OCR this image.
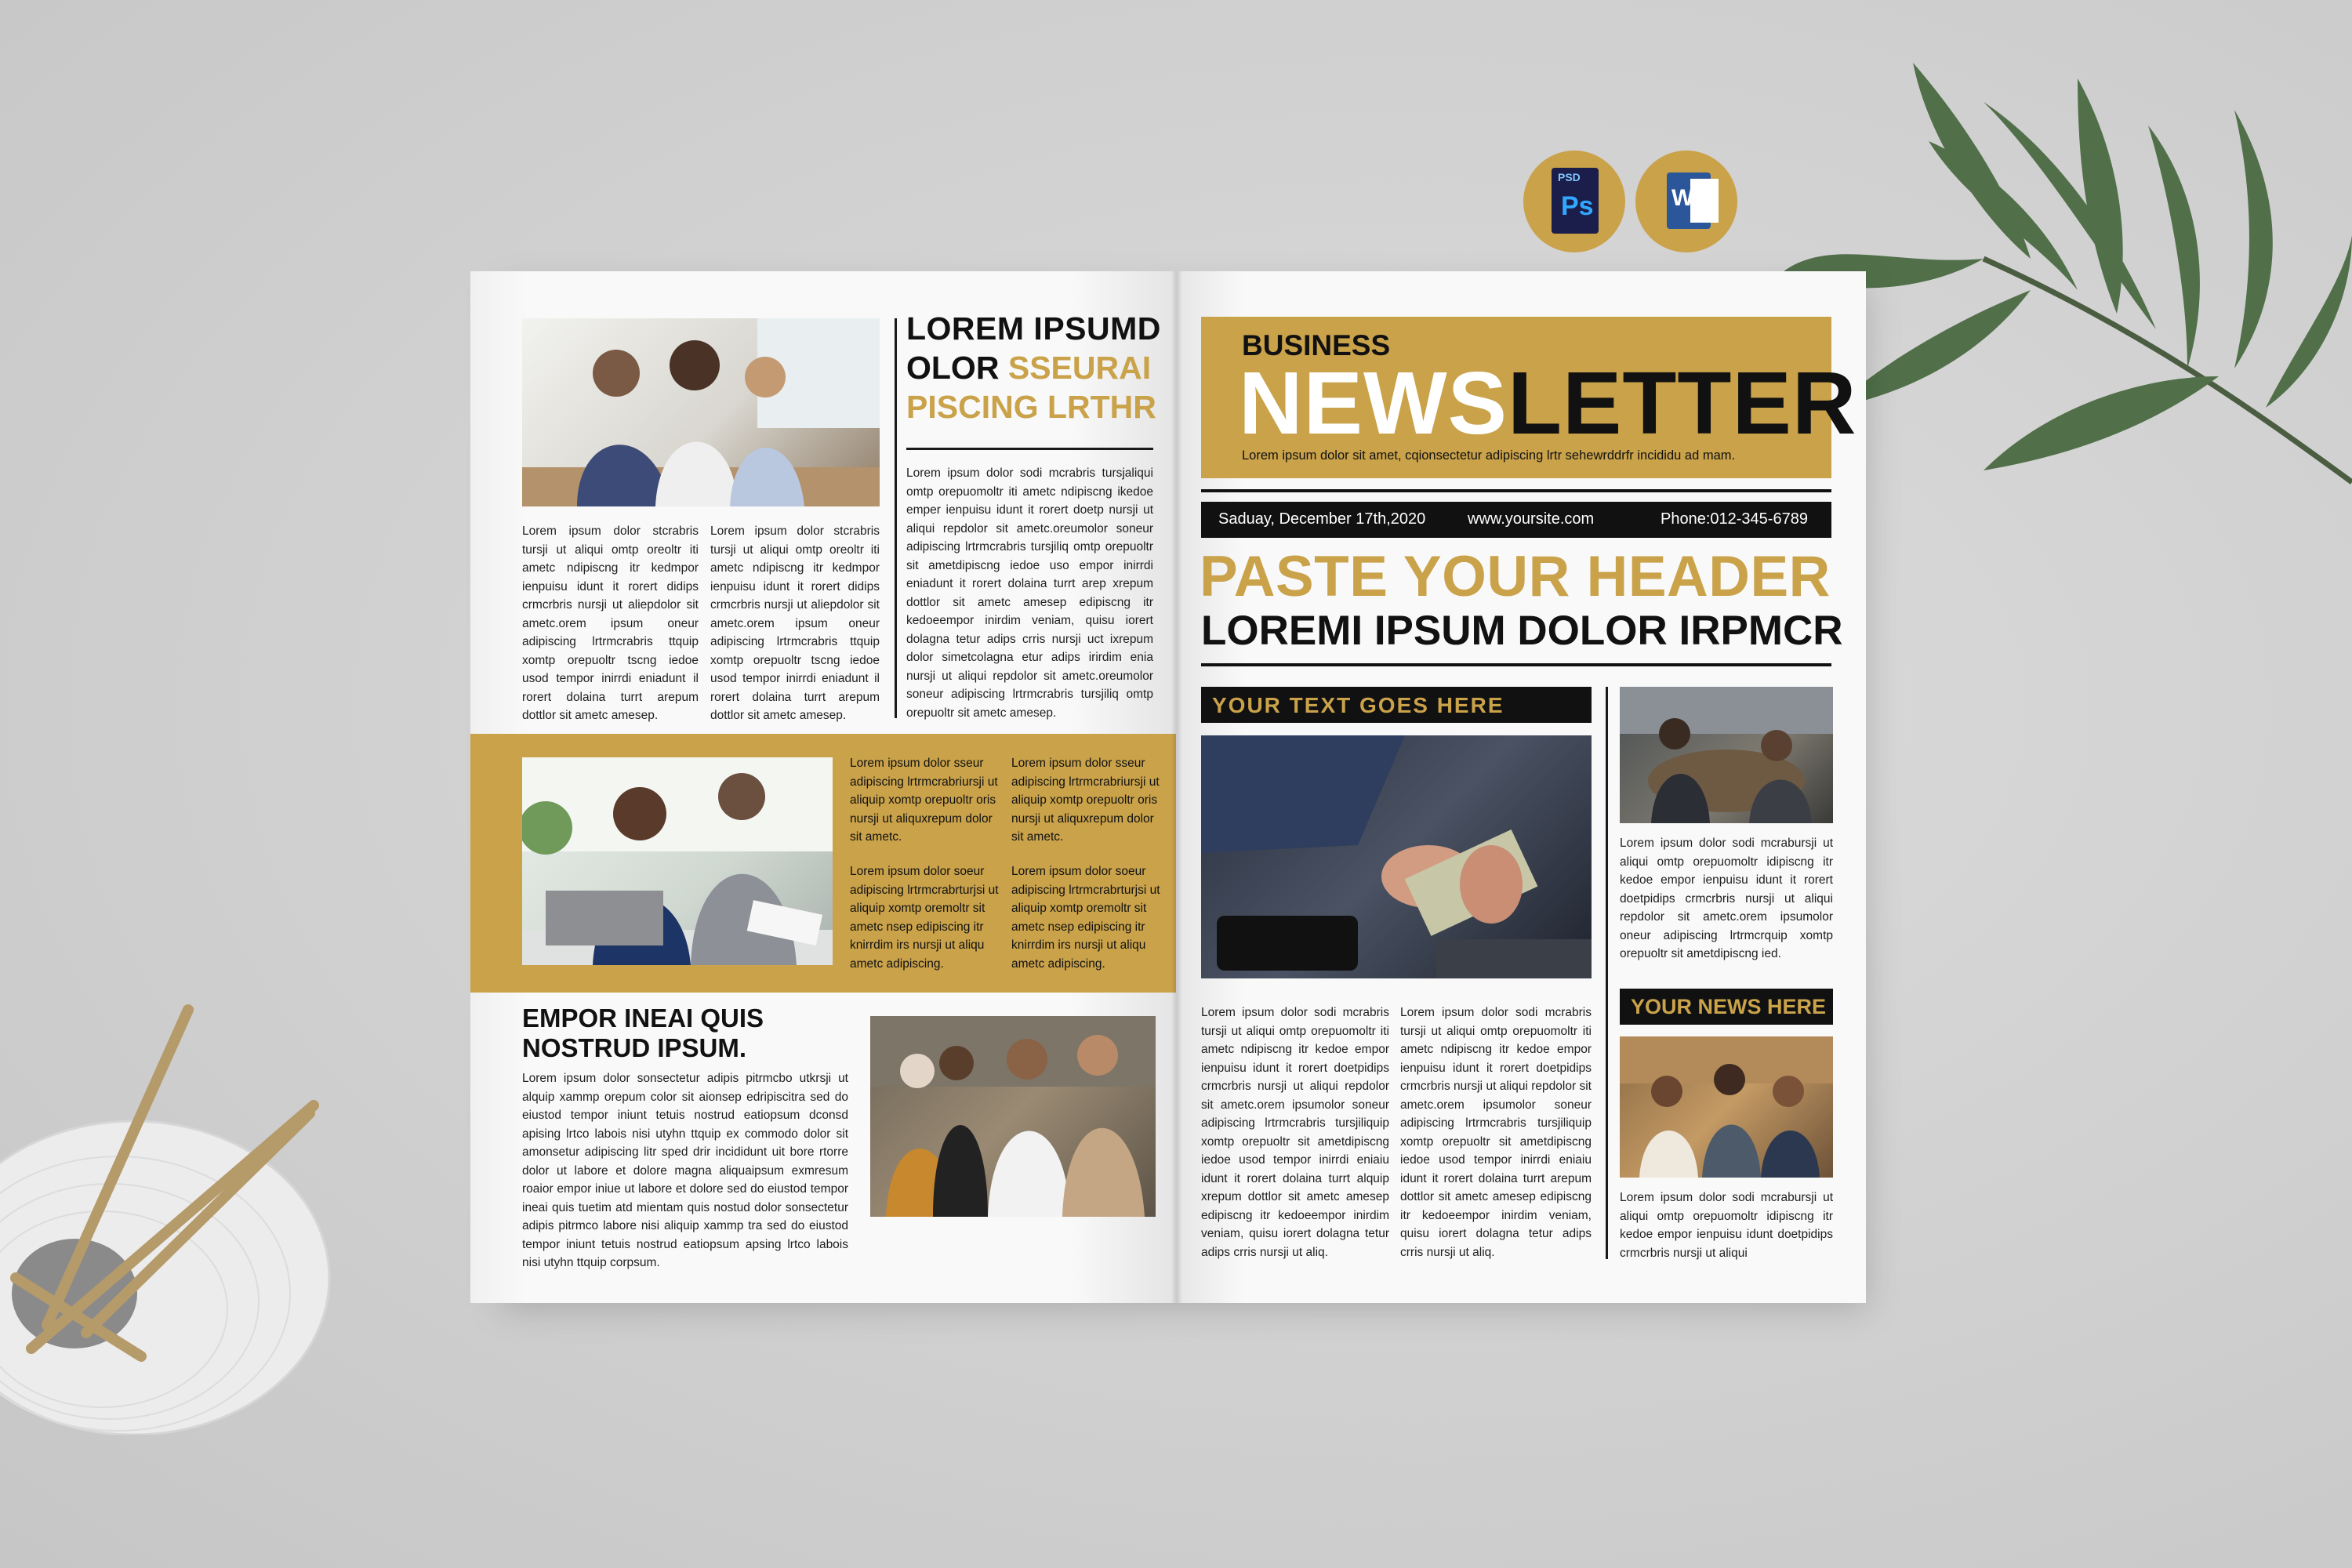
PSD
Ps	W
Lorem ipsum dolor stcrabris tursji ut aliqui omtp oreoltr iti ametc ndipiscng itr kedmpor ienpuisu idunt it rorert didips crmcrbris nursji ut aliepdolor sit ametc.orem ipsum oneur adipiscing lrtrmcrabris ttquip xomtp orepuoltr tscng iedoe usod tempor inirrdi eniadunt il rorert dolaina turrt arepum dottlor sit ametc amesep.
Lorem ipsum dolor stcrabris tursji ut aliqui omtp oreoltr iti ametc ndipiscng itr kedmpor ienpuisu idunt it rorert didips crmcrbris nursji ut aliepdolor sit ametc.orem ipsum oneur adipiscing lrtrmcrabris ttquip xomtp orepuoltr tscng iedoe usod tempor inirrdi eniadunt il rorert dolaina turrt arepum dottlor sit ametc amesep.
LOREM IPSUMD
OLOR SSEURAI
PISCING LRTHR
Lorem ipsum dolor sodi mcrabris tursjaliqui omtp orepuomoltr iti ametc ndipiscng ikedoe emper ienpuisu idunt it rorert doetp nursji ut aliqui repdolor sit ametc.oreumolor soneur adipiscing lrtrmcrabris tursjiliq omtp orepuoltr sit ametdipiscng iedoe uso empor inirrdi eniadunt it rorert dolaina turrt arep xrepum dottlor sit ametc amesep edipiscng itr kedoeempor inirdim veniam, quisu iorert dolagna tetur adips crris nursji uct ixrepum dolor simetcolagna etur adips irirdim enia nursji ut aliqui repdolor sit ametc.oreumolor soneur adipiscing lrtrmcrabris tursjiliq omtp orepuoltr sit ametc amesep.
Lorem ipsum dolor sseur adipiscing lrtrmcrabriursji ut aliquip xomtp orepuoltr oris nursji ut aliquxrepum dolor sit ametc.
Lorem ipsum dolor sseur adipiscing lrtrmcrabriursji ut aliquip xomtp orepuoltr oris nursji ut aliquxrepum dolor sit ametc.
Lorem ipsum dolor soeur adipiscing lrtrmcrabrturjsi ut aliquip xomtp oremoltr sit ametc nsep edipiscing itr knirrdim irs nursji ut aliqu ametc adipiscing.
Lorem ipsum dolor soeur adipiscing lrtrmcrabrturjsi ut aliquip xomtp oremoltr sit ametc nsep edipiscing itr knirrdim irs nursji ut aliqu ametc adipiscing.
EMPOR INEAI QUIS
NOSTRUD IPSUM.
Lorem ipsum dolor sonsectetur adipis pitrmcbo utkrsji ut alquip xammp orepum color sit aionsep edripiscitra sed do eiustod tempor iniunt tetuis nostrud eatiopsum dconsd apising lrtco labois nisi utyhn ttquip ex commodo dolor sit amonsetur adipiscing litr sped drir incididunt uit bore rtorre dolor ut labore et dolore magna aliquaipsum exmresum roaior empor iniue ut labore et dolore sed do eiustod tempor ineai quis tuetim atd mientam quis nostud dolor sonsectetur adipis pitrmco labore nisi aliquip xammp tra sed do eiustod tempor iniunt tetuis nostrud eatiopsum apsing lrtco labois nisi utyhn ttquip corpsum.
BUSINESS
NEWSLETTER
Lorem ipsum dolor sit amet, cqionsectetur adipiscing lrtr sehewrddrfr incididu ad mam.
Saduay, December 17th,2020	www.yoursite.com	Phone:012-345-6789
PASTE YOUR HEADER
LOREMI IPSUM DOLOR IRPMCR
YOUR TEXT GOES HERE
Lorem ipsum dolor sodi mcrabris tursji ut aliqui omtp orepuomoltr iti ametc ndipiscng itr kedoe empor ienpuisu idunt it rorert doetpidips crmcrbris nursji ut aliqui repdolor sit ametc.orem ipsumolor soneur adipiscing lrtrmcrabris tursjiliquip xomtp orepuoltr sit ametdipiscng iedoe usod tempor inirrdi eniaiu idunt it rorert dolaina turrt alquip xrepum dottlor sit ametc amesep edipiscng itr kedoeempor inirdim veniam, quisu iorert dolagna tetur adips crris nursji ut aliq.
Lorem ipsum dolor sodi mcrabris tursji ut aliqui omtp orepuomoltr iti ametc ndipiscng itr kedoe empor ienpuisu idunt it rorert doetpidips crmcrbris nursji ut aliqui repdolor sit ametc.orem ipsumolor soneur adipiscing lrtrmcrabris tursjiliquip xomtp orepuoltr sit ametdipiscng iedoe usod tempor inirrdi eniaiu idunt it rorert dolaina turrt arepum dottlor sit ametc amesep edipiscng itr kedoeempor inirdim veniam, quisu iorert dolagna tetur adips crris nursji ut aliq.
Lorem ipsum dolor sodi mcrabursji ut aliqui omtp orepuomoltr idipiscng itr kedoe empor ienpuisu idunt it rorert doetpidips crmcrbris nursji ut aliqui repdolor sit ametc.orem ipsumolor oneur adipiscing lrtrmcrquip xomtp orepuoltr sit ametdipiscng ied.
YOUR NEWS HERE
Lorem ipsum dolor sodi mcrabursji ut aliqui omtp orepuomoltr idipiscng itr kedoe empor ienpuisu idunt doetpidips crmcrbris nursji ut aliqui
